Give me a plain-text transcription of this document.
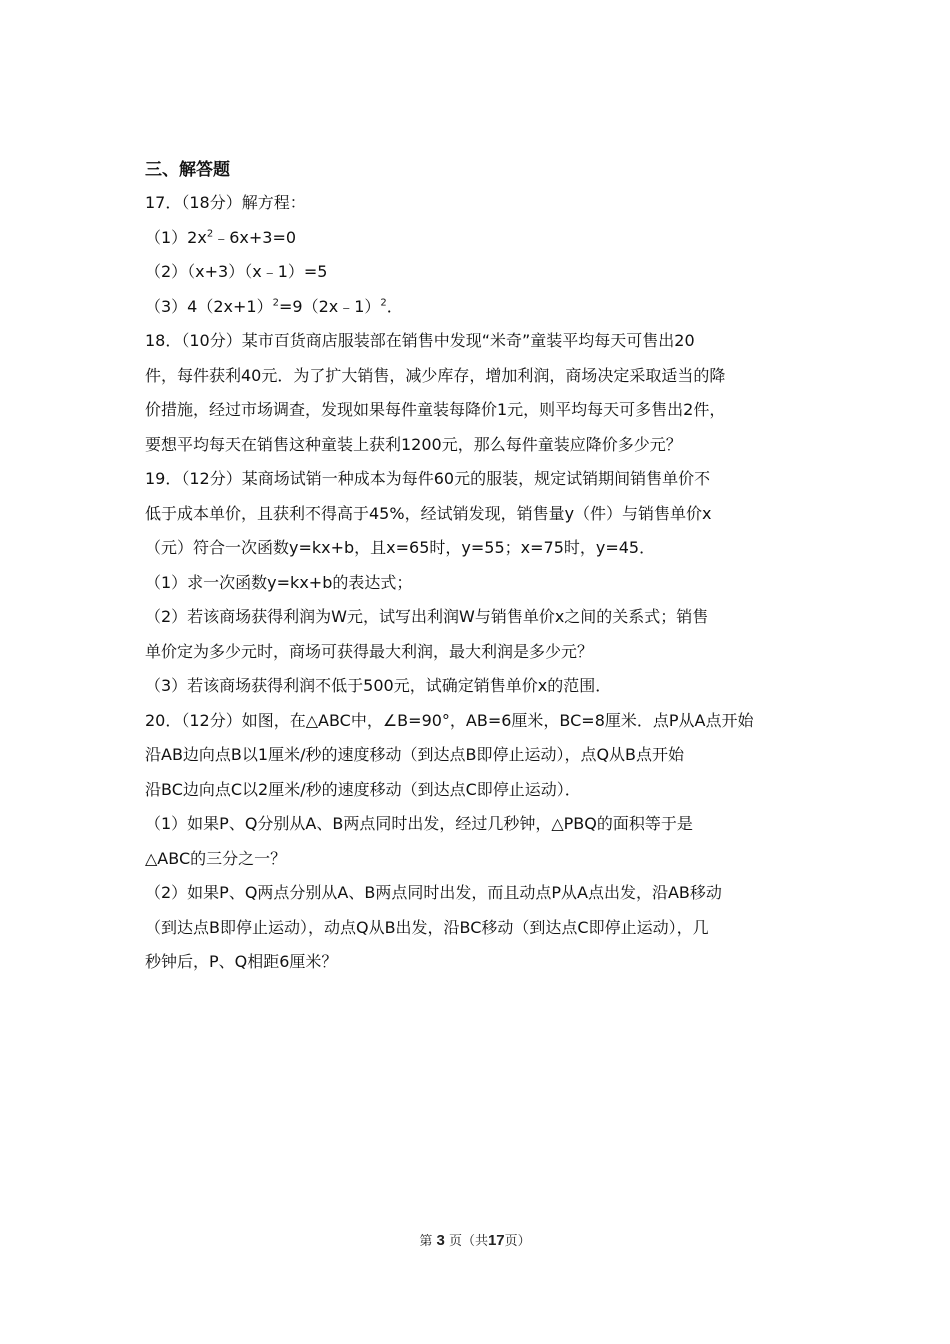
三、解答题
17．（18分）解方程：
$(1)2x^2﹣6x+3=0$
（2）（x+3）（x﹣1）=5
$(3)4(2x+1)^2=9(2x﹣1)^2$．
18．（10分）某市百货商店服装部在销售中发现“米奇”童装平均每天可售出20
件，每件获利40元．为了扩大销售，减少库存，增加利润，商场决定采取适当的降
价措施，经过市场调查，发现如果每件童装每降价1元，则平均每天可多售出2件，
要想平均每天在销售这种童装上获利1200元，那么每件童装应降价多少元？
19．（12分）某商场试销一种成本为每件60元的服装，规定试销期间销售单价不
低于成本单价，且获利不得高于45%，经试销发现，销售量y（件）与销售单价x
（元）符合一次函数y=kx+b，且x=65时，y=55；x=75时，y=45．
（1）求一次函数y=kx+b的表达式；
（2）若该商场获得利润为W元，试写出利润W与销售单价x之间的关系式；销售
单价定为多少元时，商场可获得最大利润，最大利润是多少元？
（3）若该商场获得利润不低于500元，试确定销售单价x的范围．
20．（12分）如图，在△ABC中，∠B=90°，AB=6厘米，BC=8厘米．点P从A点开始
沿AB边向点B以1厘米/秒的速度移动（到达点B即停止运动），点Q从B点开始
沿BC边向点C以2厘米/秒的速度移动（到达点C即停止运动）．
（1）如果P、Q分别从A、B两点同时出发，经过几秒钟，△PBQ的面积等于是
△ABC的三分之一？
（2）如果P、Q两点分别从A、B两点同时出发，而且动点P从A点出发，沿AB移动
（到达点B即停止运动），动点Q从B出发，沿BC移动（到达点C即停止运动），几
秒钟后，P、Q相距6厘米？
第 3 页（共17页）
